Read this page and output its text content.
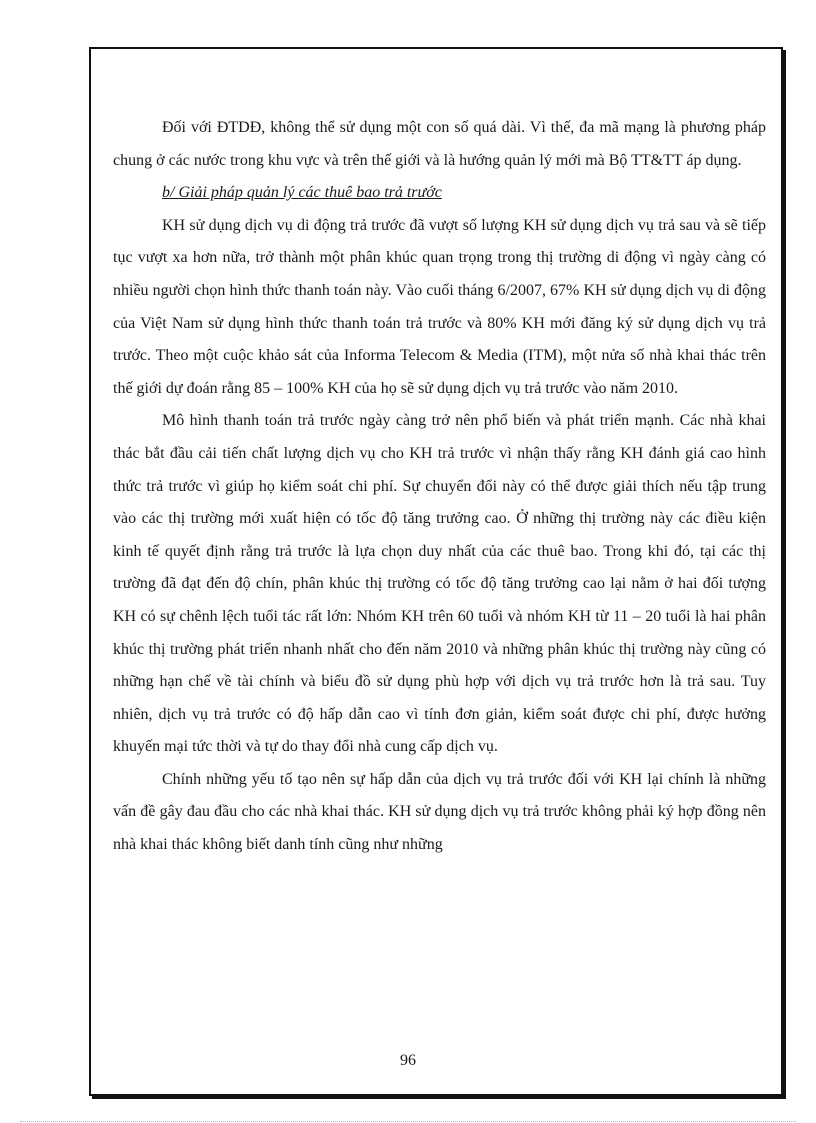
Đối với ĐTDĐ, không thể sử dụng một con số quá dài. Vì thế, đa mã mạng là phương pháp chung ở các nước trong khu vực và trên thế giới và là hướng quản lý mới mà Bộ TT&TT áp dụng.

b/ Giải pháp quản lý các thuê bao trả trước

KH sử dụng dịch vụ di động trả trước đã vượt số lượng KH sử dụng dịch vụ trả sau và sẽ tiếp tục vượt xa hơn nữa, trở thành một phân khúc quan trọng trong thị trường di động vì ngày càng có nhiều người chọn hình thức thanh toán này. Vào cuối tháng 6/2007, 67% KH sử dụng dịch vụ di động của Việt Nam sử dụng hình thức thanh toán trả trước và 80% KH mới đăng ký sử dụng dịch vụ trả trước. Theo một cuộc khảo sát của Informa Telecom & Media (ITM), một nửa số nhà khai thác trên thế giới dự đoán rằng 85 – 100% KH của họ sẽ sử dụng dịch vụ trả trước vào năm 2010.

Mô hình thanh toán trả trước ngày càng trở nên phổ biến và phát triển mạnh. Các nhà khai thác bắt đầu cải tiến chất lượng dịch vụ cho KH trả trước vì nhận thấy rằng KH đánh giá cao hình thức trả trước vì giúp họ kiểm soát chi phí. Sự chuyển đổi này có thể được giải thích nếu tập trung vào các thị trường mới xuất hiện có tốc độ tăng trưởng cao. Ở những thị trường này các điều kiện kinh tế quyết định rằng trả trước là lựa chọn duy nhất của các thuê bao. Trong khi đó, tại các thị trường đã đạt đến độ chín, phân khúc thị trường có tốc độ tăng trưởng cao lại nằm ở hai đối tượng KH có sự chênh lệch tuổi tác rất lớn: Nhóm KH trên 60 tuổi và nhóm KH từ 11 – 20 tuổi là hai phân khúc thị trường phát triển nhanh nhất cho đến năm 2010 và những phân khúc thị trường này cũng có những hạn chế về tài chính và biểu đồ sử dụng phù hợp với dịch vụ trả trước hơn là trả sau. Tuy nhiên, dịch vụ trả trước có độ hấp dẫn cao vì tính đơn giản, kiểm soát được chi phí, được hưởng khuyến mại tức thời và tự do thay đổi nhà cung cấp dịch vụ.

Chính những yếu tố tạo nên sự hấp dẫn của dịch vụ trả trước đối với KH lại chính là những vấn đề gây đau đầu cho các nhà khai thác. KH sử dụng dịch vụ trả trước không phải ký hợp đồng nên nhà khai thác không biết danh tính cũng như những

96
